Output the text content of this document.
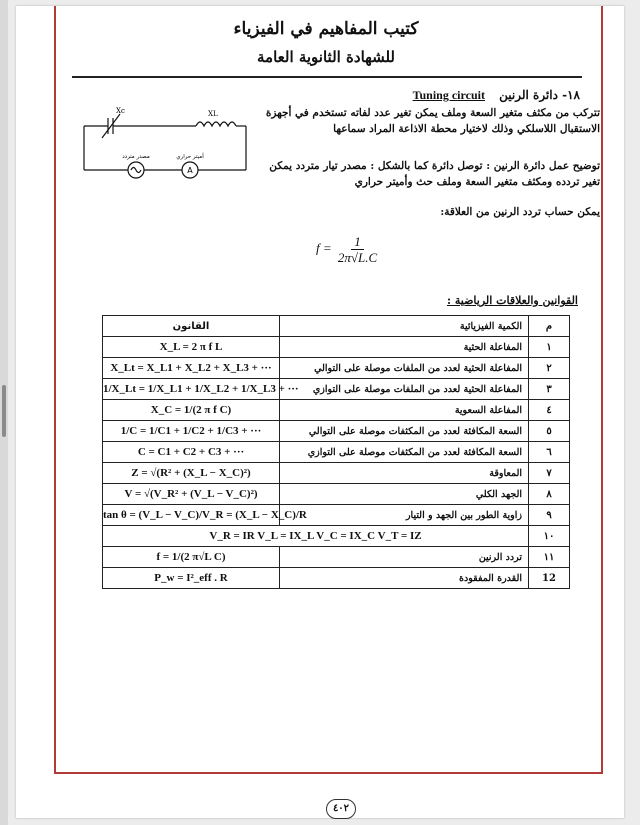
كتيب المفاهيم في الفيزياء
للشهادة الثانوية العامة
١٨- دائرة الرنين Tuning circuit
تتركب من مكثف متغير السعة وملف يمكن تغير عدد لفاته تستخدم في أجهزة الاستقبال اللاسلكي وذلك لاختيار محطة الاذاعة المراد سماعها
توضيح عمل دائرة الرنين : توصل دائرة كما بالشكل : مصدر تيار متردد يمكن تغير تردده ومكثف متغير السعة وملف حث وأميتر حراري
يمكن حساب تردد الرنين من العلاقة:
Xc	XL
مصدر متردد	أميتر حراري
A
$f = \frac{1}{2\pi√L.C}$
القوانين والعلاقات الرياضية :
القانون	الكمية الفيزيائية	م
X_L = 2 π f L	المفاعلة الحثية	١
X_Lt = X_L1 + X_L2 + X_L3 + ···	المفاعلة الحثية لعدد من الملفات موصلة على التوالي	٢
1/X_Lt = 1/X_L1 + 1/X_L2 + 1/X_L3 + ···	المفاعلة الحثية لعدد من الملفات موصلة على التوازي	٣
X_C = 1/(2 π f C)	المفاعلة السعوية	٤
1/C = 1/C1 + 1/C2 + 1/C3 + ···	السعة المكافئة لعدد من المكثفات موصلة على التوالي	٥
C = C1 + C2 + C3 + ···	السعة المكافئة لعدد من المكثفات موصلة على التوازي	٦
Z = √(R² + (X_L − X_C)²)	المعاوقة	٧
V = √(V_R² + (V_L − V_C)²)	الجهد الكلي	٨
tan θ = (V_L − V_C)/V_R = (X_L − X_C)/R	زاوية الطور بين الجهد و التيار	٩
V_R = IR V_L = IX_L V_C = IX_C V_T = IZ		١٠
f = 1/(2 π√L C)	تردد الرنين	١١
P_w = I²_eff . R	القدرة المفقودة	12
٤٠٢
